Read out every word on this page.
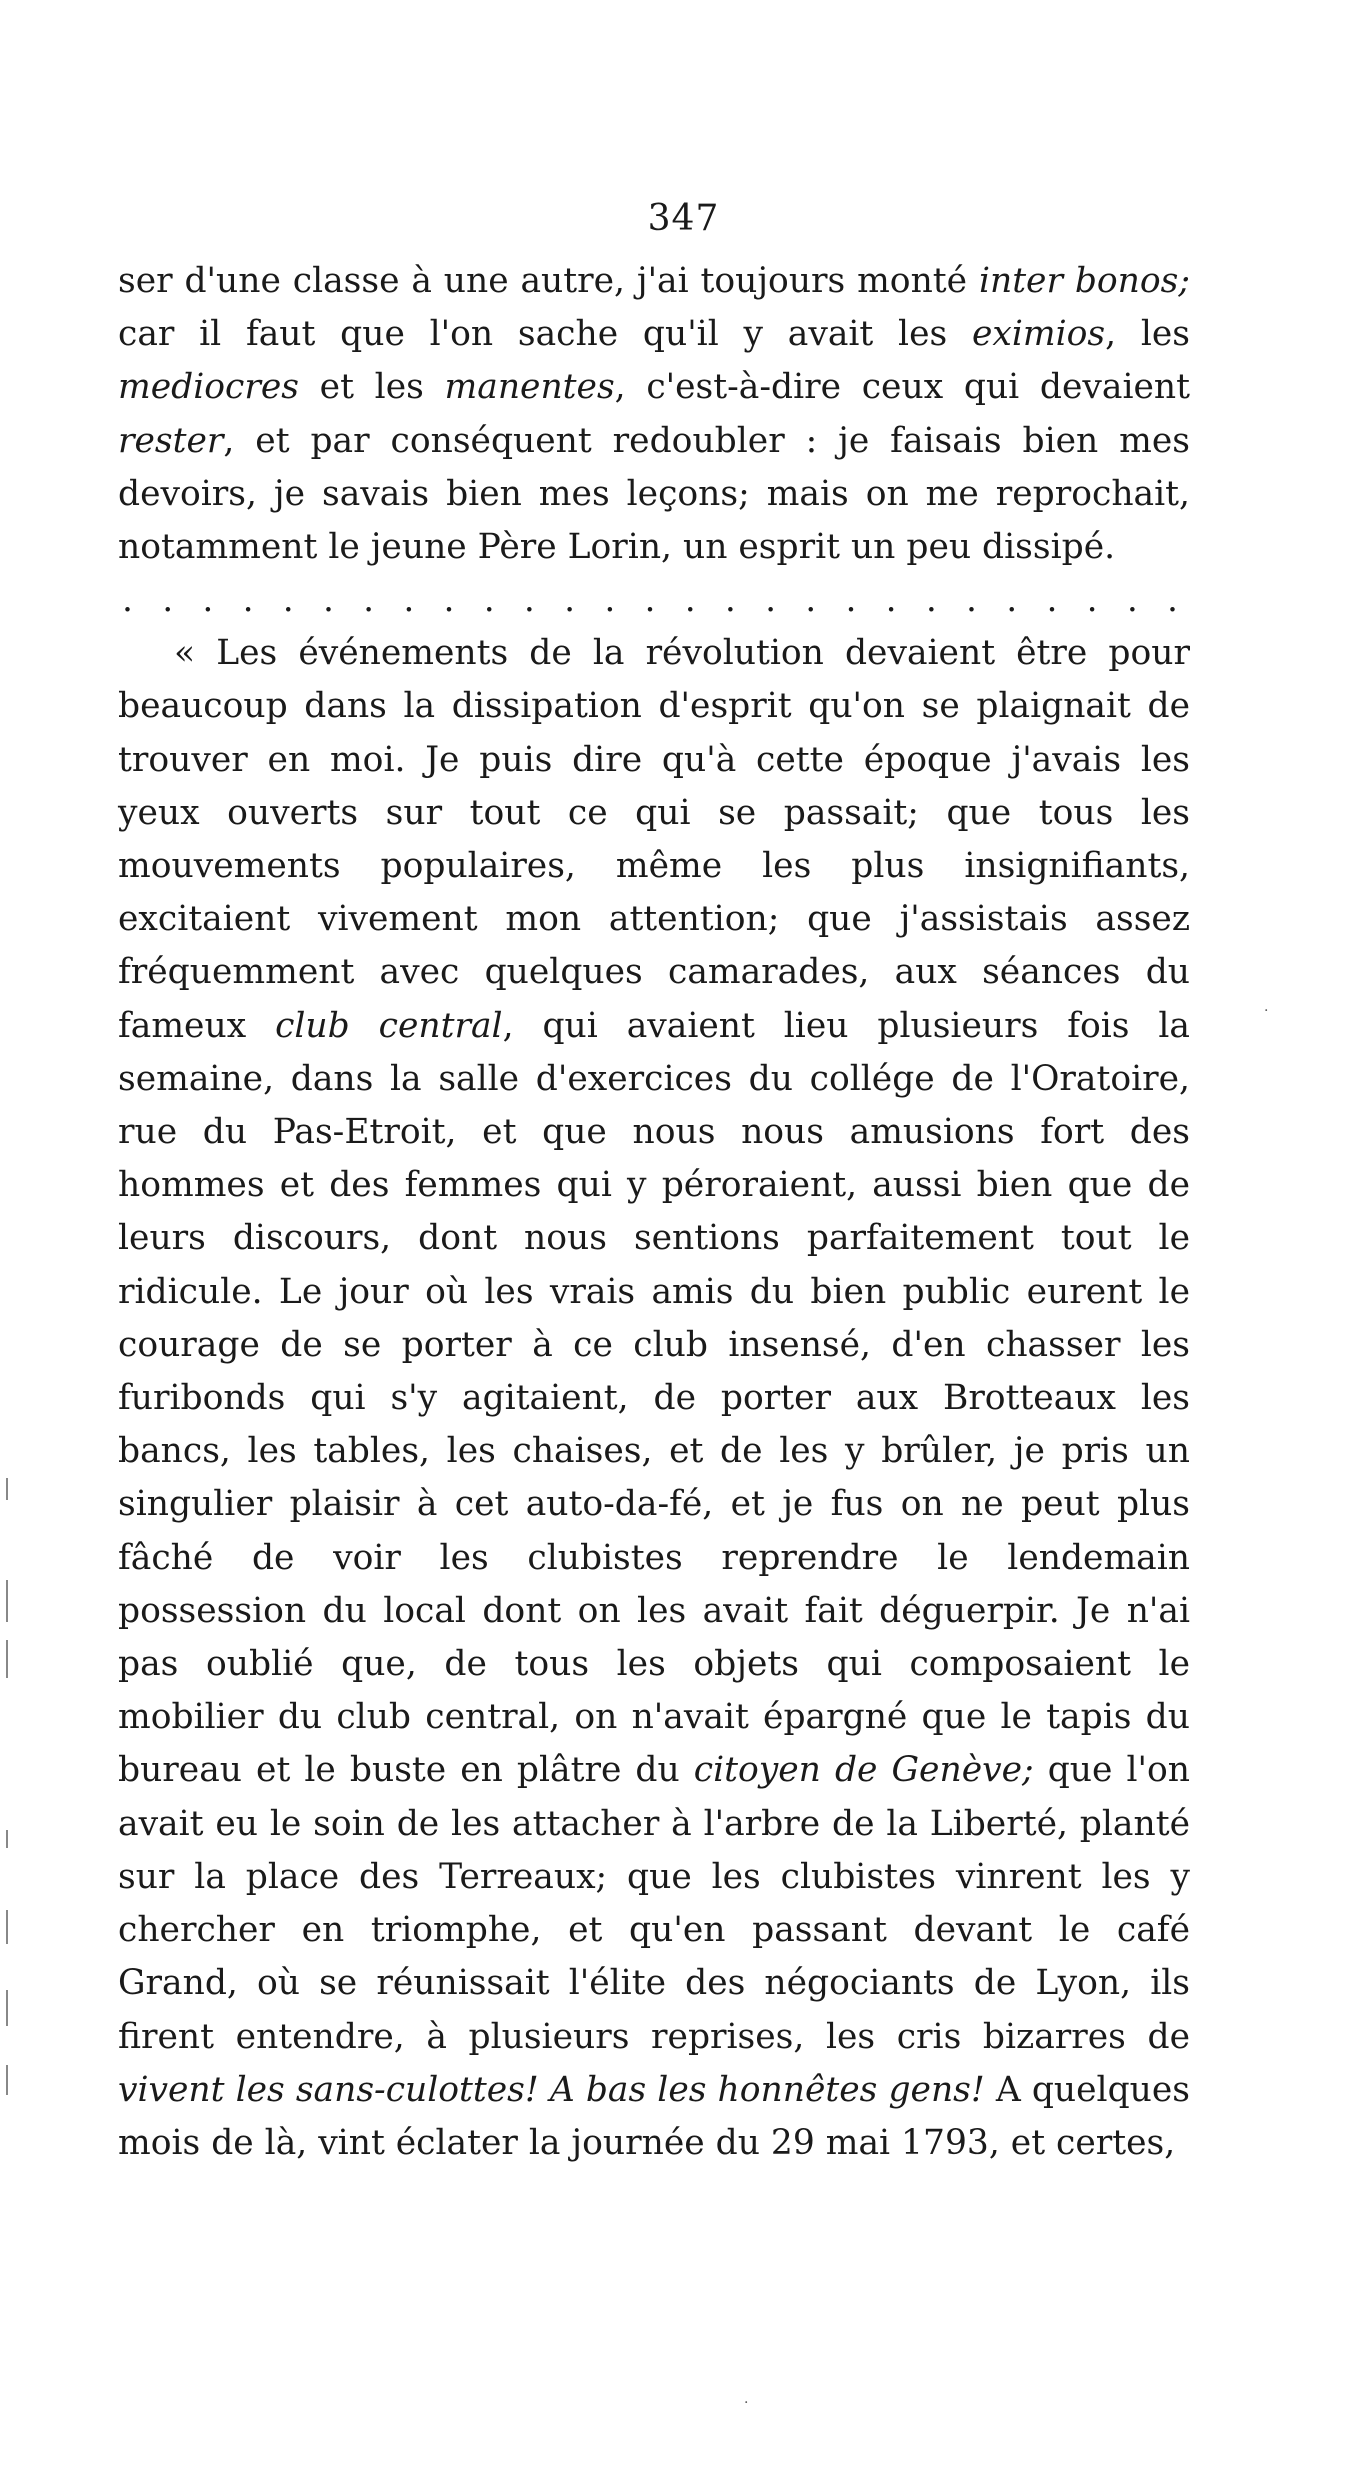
347

ser d'une classe à une autre, j'ai toujours monté inter bonos; car il faut que l'on sache qu'il y avait les eximios, les mediocres et les manentes, c'est-à-dire ceux qui devaient rester, et par conséquent redoubler : je faisais bien mes devoirs, je savais bien mes leçons; mais on me reprochait, notamment le jeune Père Lorin, un esprit un peu dissipé.

. . . . . . . . . . . . . . . . . . . . . . . . . . .

« Les événements de la révolution devaient être pour beaucoup dans la dissipation d'esprit qu'on se plaignait de trouver en moi. Je puis dire qu'à cette époque j'avais les yeux ouverts sur tout ce qui se passait; que tous les mouvements populaires, même les plus insignifiants, excitaient vivement mon attention; que j'assistais assez fréquemment avec quelques camarades, aux séances du fameux club central, qui avaient lieu plusieurs fois la semaine, dans la salle d'exercices du collége de l'Oratoire, rue du Pas-Etroit, et que nous nous amusions fort des hommes et des femmes qui y péroraient, aussi bien que de leurs discours, dont nous sentions parfaitement tout le ridicule. Le jour où les vrais amis du bien public eurent le courage de se porter à ce club insensé, d'en chasser les furibonds qui s'y agitaient, de porter aux Brotteaux les bancs, les tables, les chaises, et de les y brûler, je pris un singulier plaisir à cet auto-da-fé, et je fus on ne peut plus fâché de voir les clubistes reprendre le lendemain possession du local dont on les avait fait déguerpir. Je n'ai pas oublié que, de tous les objets qui composaient le mobilier du club central, on n'avait épargné que le tapis du bureau et le buste en plâtre du citoyen de Genève; que l'on avait eu le soin de les attacher à l'arbre de la Liberté, planté sur la place des Terreaux; que les clubistes vinrent les y chercher en triomphe, et qu'en passant devant le café Grand, où se réunissait l'élite des négociants de Lyon, ils firent entendre, à plusieurs reprises, les cris bizarres de vivent les sans-culottes! A bas les honnêtes gens! A quelques mois de là, vint éclater la journée du 29 mai 1793, et certes,

·
·
